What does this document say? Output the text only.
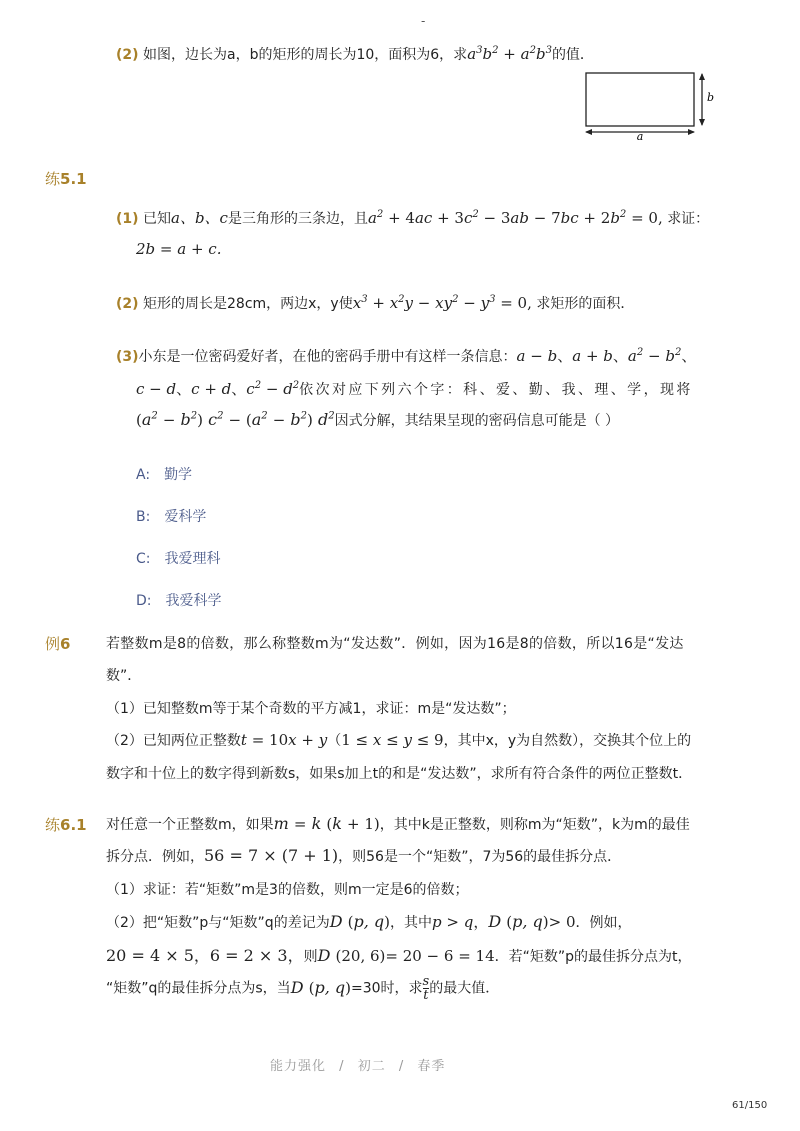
-
(2) 如图，边长为a，b的矩形的周长为10，面积为6，求$a^3b^2 + a^2b^3$的值．
a
b
练5.1
(1) 已知a、b、c是三角形的三条边，且$a^2 + 4ac + 3c^2 - 3ab - 7bc + 2b^2 = 0$, 求证：
2b = a + c.
(2) 矩形的周长是28cm，两边x，y使$x^3 + x^2y - xy^2 - y^3 = 0$, 求矩形的面积．
(3)小东是一位密码爱好者，在他的密码手册中有这样一条信息：a − b、a + b、$a^2 - b^2$、
c − d、c + d、$c^2 - d^2$依次对应下列六个字：科、爱、勤、我、理、学，现将
$(a^2 - b^2) c^2 - (a^2 - b^2)$ $d^2$因式分解，其结果呈现的密码信息可能是（ ）
A: 勤学
B: 爱科学
C: 我爱理科
D: 我爱科学
例6	若整数m是8的倍数，那么称整数m为“发达数”．例如，因为16是8的倍数，所以16是“发达
数”．
（1）已知整数m等于某个奇数的平方减1，求证：m是“发达数”；
（2）已知两位正整数t = 10x + y（1 ≤ x ≤ y ≤ 9，其中x，y为自然数），交换其个位上的
数字和十位上的数字得到新数s，如果s加上t的和是“发达数”，求所有符合条件的两位正整数t．
练6.1 对任意一个正整数m，如果m = k (k + 1)，其中k是正整数，则称m为“矩数”，k为m的最佳
拆分点．例如，56 = 7 × (7 + 1)，则56是一个“矩数”，7为56的最佳拆分点．
（1）求证：若“矩数”m是3的倍数，则m一定是6的倍数；
（2）把“矩数”p与“矩数”q的差记为D (p, q)，其中p > q，D (p, q)> 0．例如，
20 = 4 × 5，6 = 2 × 3，则D (20, 6)= 20 − 6 = 14．若“矩数”p的最佳拆分点为t，
“矩数”q的最佳拆分点为s，当D (p, q)=30时，求 $\frac{s}{t}$ 的最大值．
能力强化 / 初二 / 春季
61/150
